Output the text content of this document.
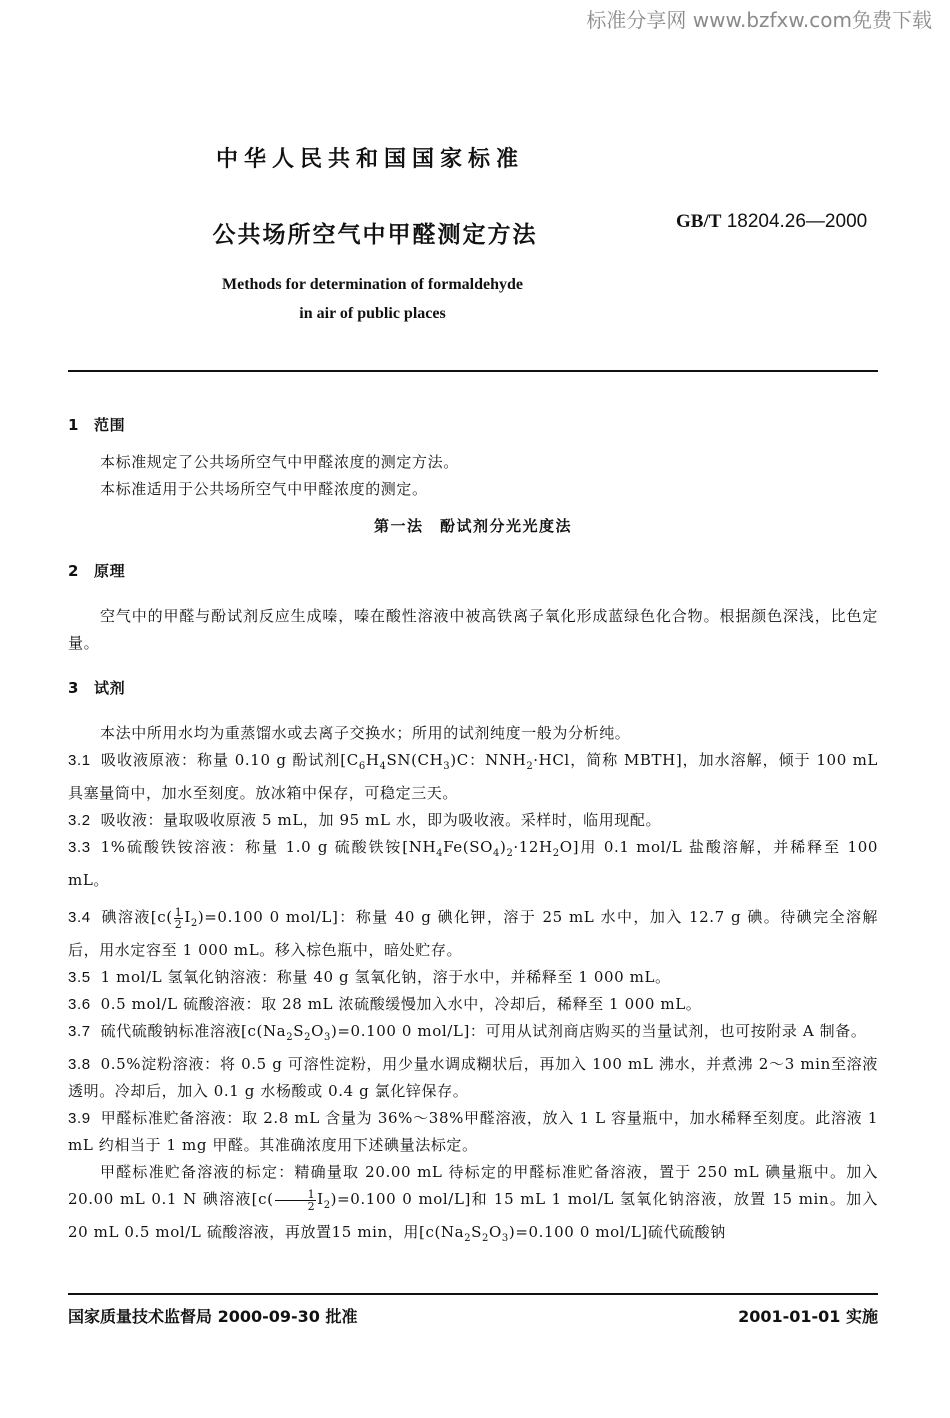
标准分享网 www.bzfxw.com免费下载
中华人民共和国国家标准
公共场所空气中甲醛测定方法
GB/T 18204.26—2000
Methods for determination of formaldehyde
in air of public places

1 范围

本标准规定了公共场所空气中甲醛浓度的测定方法。

本标准适用于公共场所空气中甲醛浓度的测定。

第一法　酚试剂分光光度法

2 原理

空气中的甲醛与酚试剂反应生成嗪，嗪在酸性溶液中被高铁离子氧化形成蓝绿色化合物。根据颜色深浅，比色定量。

3 试剂

本法中所用水均为重蒸馏水或去离子交换水；所用的试剂纯度一般为分析纯。

3.1 吸收液原液：称量 0.10 g 酚试剂[$C_6H_4SN(CH_3)C$：$NNH_2\cdot HCl$，简称 MBTH]，加水溶解，倾于 100 mL 具塞量筒中，加水至刻度。放冰箱中保存，可稳定三天。

3.2 吸收液：量取吸收原液 5 mL，加 95 mL 水，即为吸收液。采样时，临用现配。

3.3 1%硫酸铁铵溶液：称量 1.0 g 硫酸铁铵$[NH_4Fe(SO_4)_2\cdot 12H_2O]$用 0.1 mol/L 盐酸溶解，并稀释至 100 mL。

3.4 碘溶液[$c( \frac{1}{2} I_2)=0.100$ 0 mol/L]：称量 40 g 碘化钾，溶于 25 mL 水中，加入 12.7 g 碘。待碘完全溶解后，用水定容至 1 000 mL。移入棕色瓶中，暗处贮存。

3.5 1 mol/L 氢氧化钠溶液：称量 40 g 氢氧化钠，溶于水中，并稀释至 1 000 mL。

3.6 0.5 mol/L 硫酸溶液：取 28 mL 浓硫酸缓慢加入水中，冷却后，稀释至 1 000 mL。

3.7 硫代硫酸钠标准溶液[$c(Na_2S_2O_3)=0.100$ 0 mol/L]：可用从试剂商店购买的当量试剂，也可按附录 A 制备。

3.8 0.5%淀粉溶液：将 0.5 g 可溶性淀粉，用少量水调成糊状后，再加入 100 mL 沸水，并煮沸 2～3 min至溶液透明。冷却后，加入 0.1 g 水杨酸或 0.4 g 氯化锌保存。

3.9 甲醛标准贮备溶液：取 2.8 mL 含量为 36%～38%甲醛溶液，放入 1 L 容量瓶中，加水稀释至刻度。此溶液 1 mL 约相当于 1 mg 甲醛。其准确浓度用下述碘量法标定。

甲醛标准贮备溶液的标定：精确量取 20.00 mL 待标定的甲醛标准贮备溶液，置于 250 mL 碘量瓶中。加入 20.00 mL 0.1 N 碘溶液[$c( \frac{1}{2} I_2)=0.100$ 0 mol/L]和 15 mL 1 mol/L 氢氧化钠溶液，放置 15 min。加入 20 mL 0.5 mol/L 硫酸溶液，再放置15 min，用[$c(Na_2S_2O_3)=0.100$ 0 mol/L]硫代硫酸钠

国家质量技术监督局 2000-09-30 批准	2001-01-01 实施
